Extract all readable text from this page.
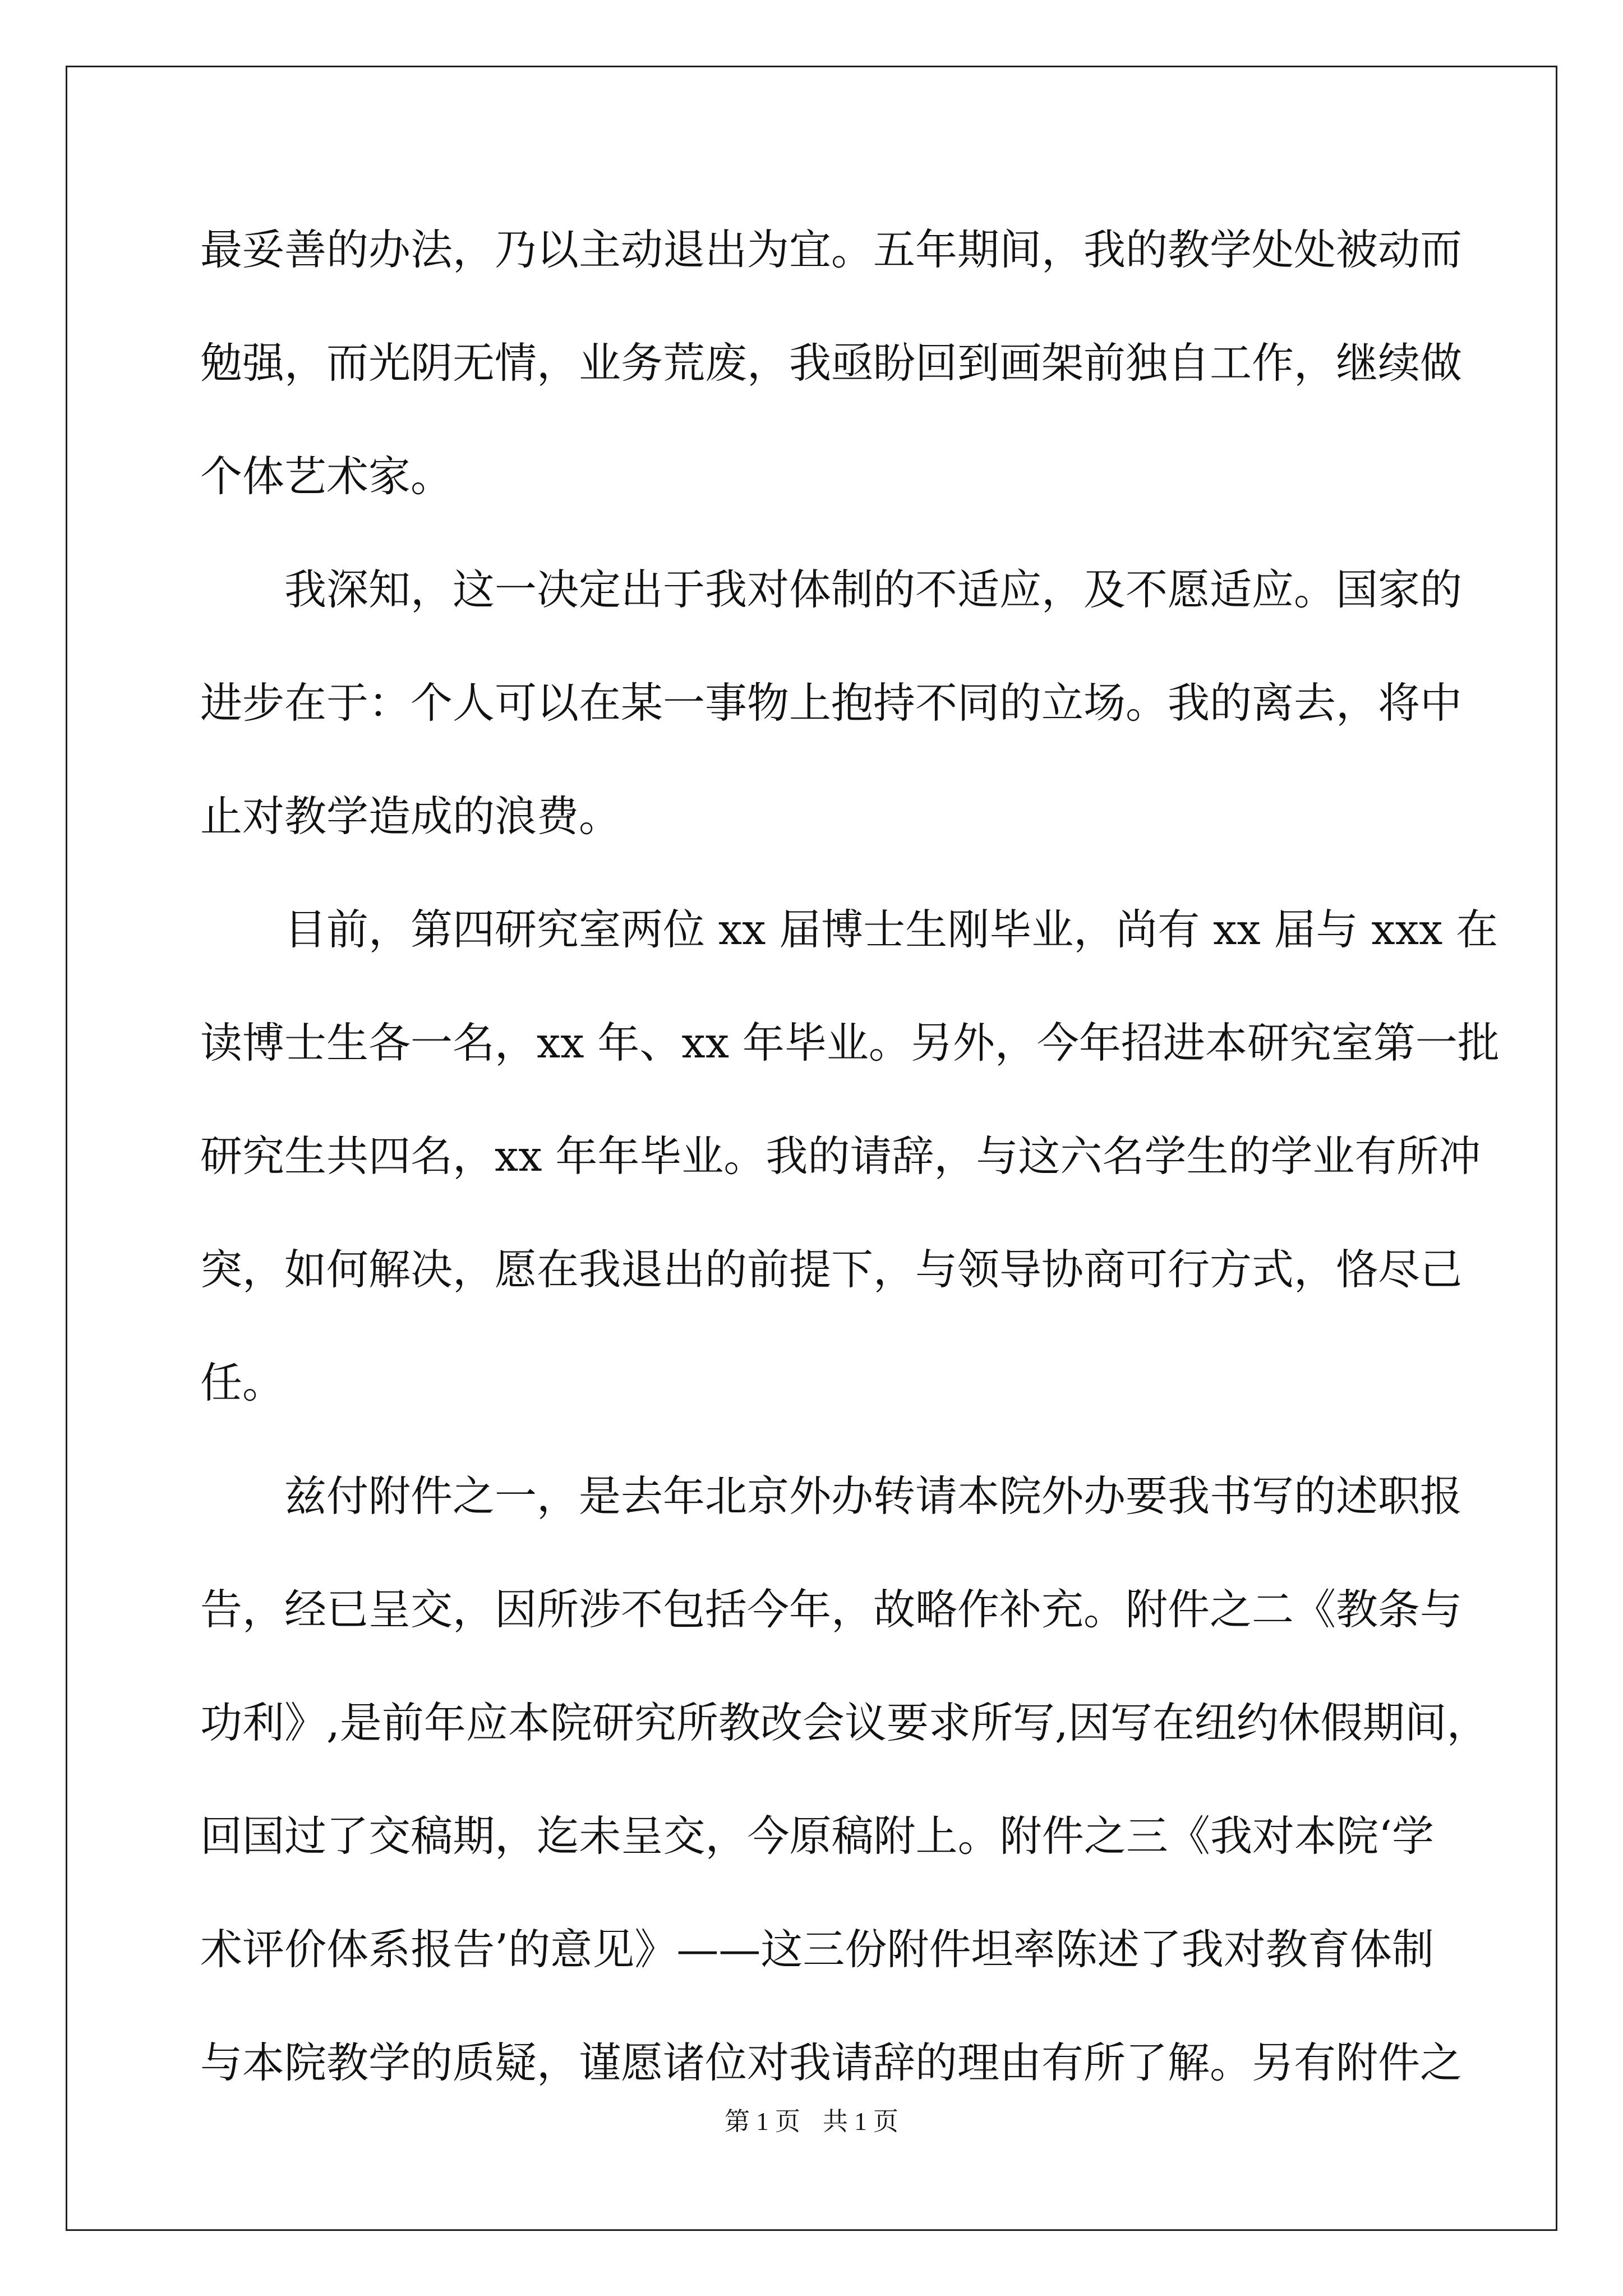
最妥善的办法，乃以主动退出为宜。五年期间，我的教学处处被动而
勉强，而光阴无情，业务荒废，我亟盼回到画架前独自工作，继续做
个体艺术家。
我深知，这一决定出于我对体制的不适应，及不愿适应。国家的
进步在于：个人可以在某一事物上抱持不同的立场。我的离去，将中
止对教学造成的浪费。
目前，第四研究室两位 xx 届博士生刚毕业，尚有 xx 届与 xxx 在
读博士生各一名，xx 年、xx 年毕业。另外，今年招进本研究室第一批
研究生共四名，xx 年年毕业。我的请辞，与这六名学生的学业有所冲
突，如何解决，愿在我退出的前提下，与领导协商可行方式，恪尽己
任。
兹付附件之一，是去年北京外办转请本院外办要我书写的述职报
告，经已呈交，因所涉不包括今年，故略作补充。附件之二《教条与
功利》,是前年应本院研究所教改会议要求所写,因写在纽约休假期间，
回国过了交稿期，迄未呈交，今原稿附上。附件之三《我对本院‘学
术评价体系报告’的意见》——这三份附件坦率陈述了我对教育体制
与本院教学的质疑，谨愿诸位对我请辞的理由有所了解。另有附件之
第 1 页 共 1 页
